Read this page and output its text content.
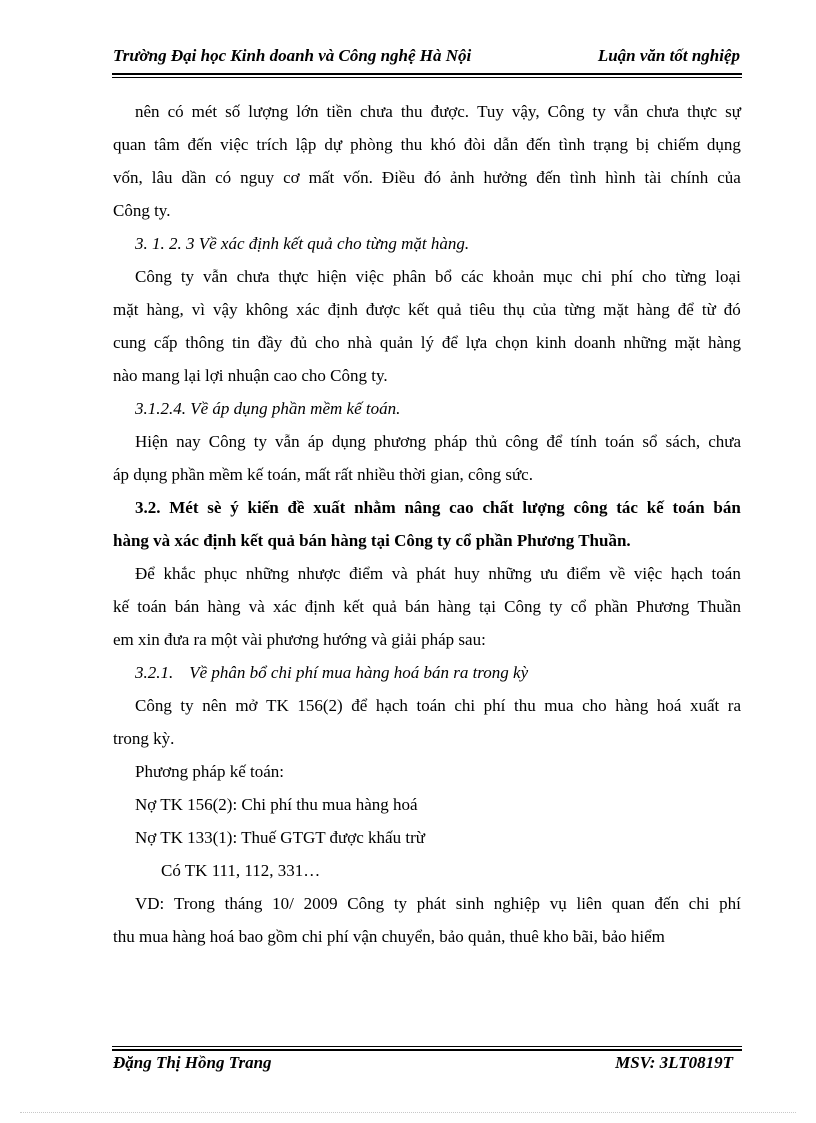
Trường Đại học Kinh doanh và Công nghệ Hà Nội	Luận văn tốt nghiệp
nên có mét số lượng lớn tiền chưa thu được. Tuy vậy, Công ty vẫn chưa thực sự
quan tâm đến việc trích lập dự phòng thu khó đòi dẫn đến tình trạng bị chiếm dụng
vốn, lâu dần có nguy cơ mất vốn. Điều đó ảnh hưởng đến tình hình tài chính của
Công ty.
3. 1. 2. 3 Về xác định kết quả cho từng mặt hàng.
Công ty vẫn chưa thực hiện việc phân bổ các khoản mục chi phí cho từng loại
mặt hàng, vì vậy không xác định được kết quả tiêu thụ của từng mặt hàng để từ đó
cung cấp thông tin đầy đủ cho nhà quản lý để lựa chọn kinh doanh những mặt hàng
nào mang lại lợi nhuận cao cho Công ty.
3.1.2.4. Về áp dụng phần mềm kế toán.
Hiện nay Công ty vẫn áp dụng phương pháp thủ công để tính toán sổ sách, chưa
áp dụng phần mềm kế toán, mất rất nhiều thời gian, công sức.
3.2. Mét sè ý kiến đề xuất nhằm nâng cao chất lượng công tác kế toán bán
hàng và xác định kết quả bán hàng tại Công ty cổ phần Phương Thuần.
Để khắc phục những nhược điểm và phát huy những ưu điểm về việc hạch toán
kế toán bán hàng và xác định kết quả bán hàng tại Công ty cổ phần Phương Thuần
em xin đưa ra một vài phương hướng và giải pháp sau:
3.2.1. Về phân bổ chi phí mua hàng hoá bán ra trong kỳ
Công ty nên mở TK 156(2) để hạch toán chi phí thu mua cho hàng hoá xuất ra
trong kỳ.
Phương pháp kế toán:
Nợ TK 156(2): Chi phí thu mua hàng hoá
Nợ TK 133(1): Thuế GTGT được khấu trừ
Có TK 111, 112, 331…
VD: Trong tháng 10/ 2009 Công ty phát sinh nghiệp vụ liên quan đến chi phí
thu mua hàng hoá bao gồm chi phí vận chuyển, bảo quản, thuê kho bãi, bảo hiểm
Đặng Thị Hồng Trang	MSV: 3LT0819T
